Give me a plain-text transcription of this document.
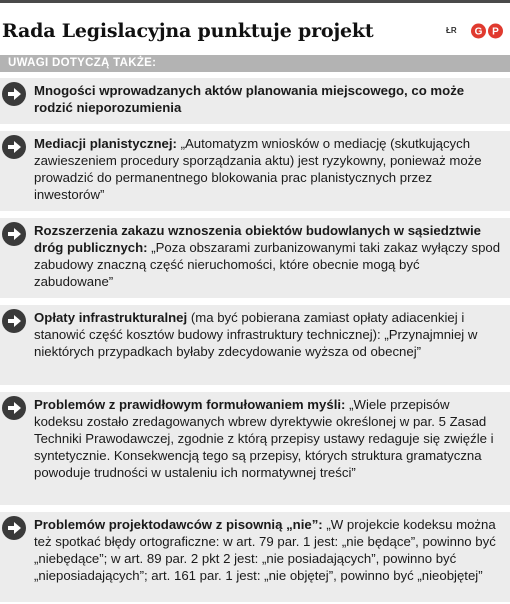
Rada Legislacyjna punktuje projekt	ŁR G P
UWAGI DOTYCZĄ TAKŻE:
Mnogości wprowadzanych aktów planowania miejscowego, co może rodzić nieporozumienia
Mediacji planistycznej: „Automatyzm wniosków o mediację (skutkujących zawieszeniem procedury sporządzania aktu) jest ryzykowny, ponieważ może prowadzić do permanentnego blokowania prac planistycznych przez inwestorów”
Rozszerzenia zakazu wznoszenia obiektów budowlanych w sąsiedztwie dróg publicznych: „Poza obszarami zurbanizowanymi taki zakaz wyłączy spod zabudowy znaczną część nieruchomości, które obecnie mogą być zabudowane”
Opłaty infrastrukturalnej (ma być pobierana zamiast opłaty adiacenkiej i stanowić część kosztów budowy infrastruktury technicznej): „Przynajmniej w niektórych przypadkach byłaby zdecydowanie wyższa od obecnej”
Problemów z prawidłowym formułowaniem myśli: „Wiele przepisów kodeksu zostało zredagowanych wbrew dyrektywie określonej w par. 5 Zasad Techniki Prawodawczej, zgodnie z którą przepisy ustawy redaguje się zwięźle i syntetycznie. Konsekwencją tego są przepisy, których struktura gramatyczna powoduje trudności w ustaleniu ich normatywnej treści”
Problemów projektodawców z pisownią „nie”: „W projekcie kodeksu można też spotkać błędy ortograficzne: w art. 79 par. 1 jest: „nie będące”, powinno być „niebędące”; w art. 89 par. 2 pkt 2 jest: „nie posiadających”, powinno być „nieposiadających”; art. 161 par. 1 jest: „nie objętej”, powinno być „nieobjętej”
